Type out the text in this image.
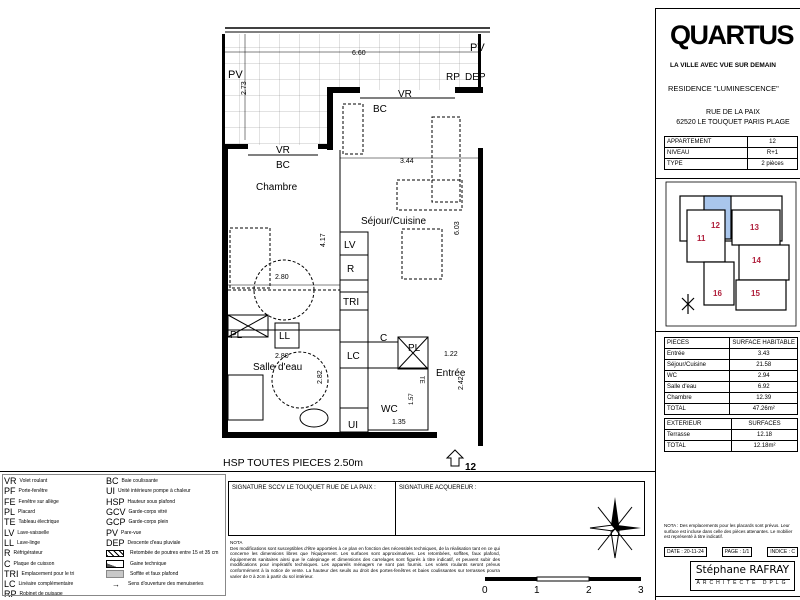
6.60	PV
PV
2.73
RP DEP
VR
BC
VR
BC
Chambre
3.44
Séjour/Cuisine	6.03
4.17
2.80
LV
R
TRI
PL	LL	C
LC
PL
1.22
2.80
Salle d'eau
Entrée
2.82	2.42
TE
1.57
WC
1.35
UI
HSP TOUTES PIECES 2.50m	12
QUARTUS
LA VILLE AVEC VUE SUR DEMAIN
RESIDENCE "LUMINESCENCE"
RUE DE LA PAIX
62520 LE TOUQUET PARIS PLAGE
APPARTEMENT	12
NIVEAU	R+1
TYPE	2 pièces
11
12	13
14
15
16
PIECES	SURFACE HABITABLE
Entrée	3.43
Séjour/Cuisine	21.58
WC	2.94
Salle d'eau	6.92
Chambre	12.39
TOTAL	47.26m²
EXTERIEUR	SURFACES
Terrasse	12.18
TOTAL	12.18m²
NOTA : Des emplacements pour les placards sont prévus. Leur surface est incluse dans celle des pièces attenantes. Le mobilier est représenté à titre indicatif.
DATE : 20-11-24	PAGE : 1/1	INDICE : C
Stéphane RAFRAY
ARCHITECTE DPLG
VR Volet roulant
PF Porte-fenêtre
FE Fenêtre sur allège
PL Placard
TE Tableau électrique
LV Lave-vaisselle
LL Lave-linge
R Réfrigérateur
C Plaque de cuisson
TRI Emplacement pour le tri
LC Linéaire complémentaire
RP Robinet de puisage
BC Baie coulissante
UI Unité intérieure pompe à chaleur
HSP Hauteur sous plafond
GCV Garde-corps vitré
GCP Garde-corps plein
PV Pare-vue
DEP Descente d'eau pluviale
Retombée de poutres entre 15 et 35 cm
Gaine technique
Soffite et faux plafond
→ Sens d'ouverture des menuiseries
SIGNATURE SCCV LE TOUQUET RUE DE LA PAIX :	SIGNATURE ACQUEREUR :
NOTA
Des modifications sont susceptibles d'être apportées à ce plan en fonction des nécessités techniques, de la réalisation tant en ce qui concerne les dimensions libres que l'équipement. Les surfaces sont approximatives. Les retombées, soffites, faux plafond, équipements sanitaires ainsi que le calepinage et dimensions des carrelages sont figurés à titre indicatif, et peuvent subir des modifications pour impératifs techniques. Les appareils ménagers ne sont pas fournis. Les volets roulants seront prévus conformément à la notice de vente. La hauteur des seuils au droit des portes-fenêtres et baies coulissantes sur terrasses pourra varier de 0 à 2cm à partir du sol intérieur.
0	1	2	3
